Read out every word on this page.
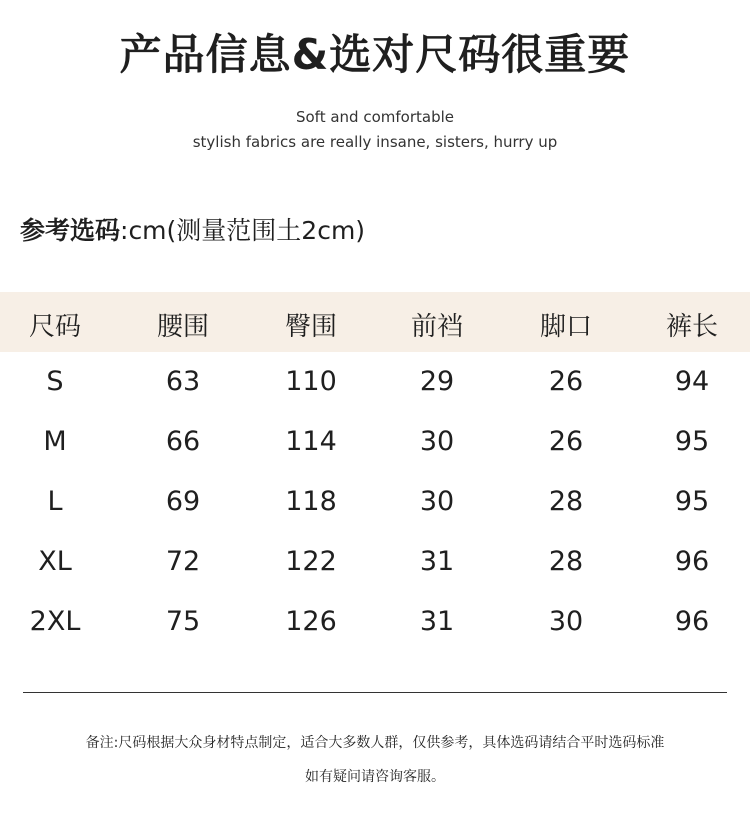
产品信息&选对尺码很重要
Soft and comfortable
stylish fabrics are really insane, sisters, hurry up
参考选码:cm(测量范围土2cm)
尺码	腰围	臀围	前裆	脚口	裤长
S	63	110	29	26	94
M	66	114	30	26	95
L	69	118	30	28	95
XL	72	122	31	28	96
2XL	75	126	31	30	96
备注:尺码根据大众身材特点制定，适合大多数人群，仅供参考，具体选码请结合平时选码标准
如有疑问请咨询客服。
